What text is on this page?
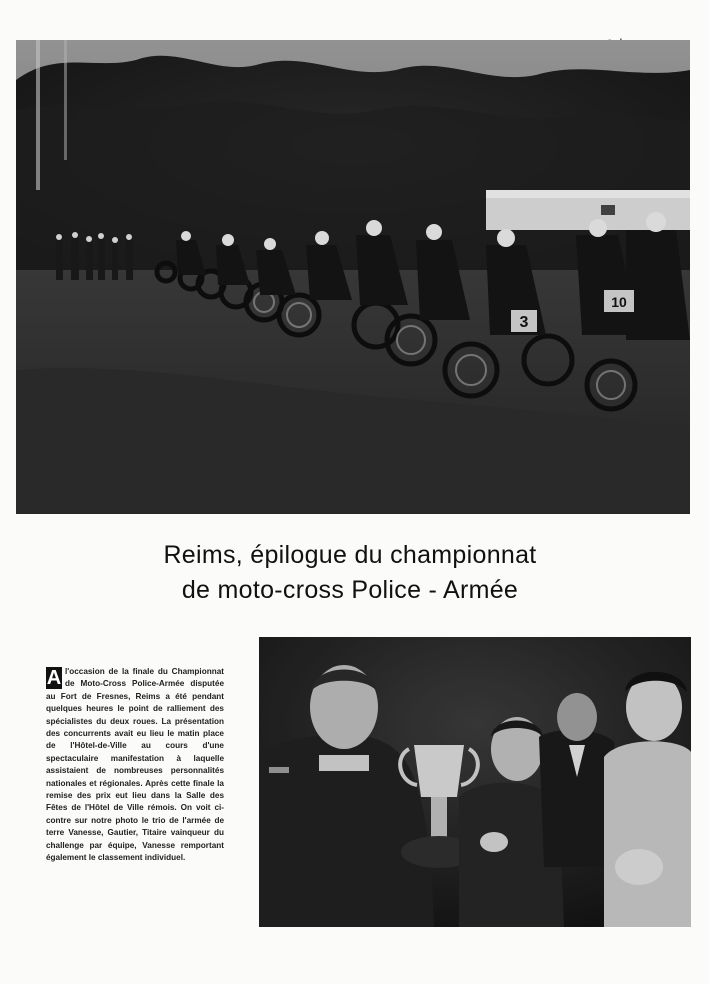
3
10
Reims, épilogue du championnat
de moto-cross Police - Armée
A l'occasion de la finale du Championnat de Moto-Cross Police-Armée disputée au Fort de Fresnes, Reims a été pendant quelques heures le point de ralliement des spécialistes du deux roues. La présentation des concurrents avait eu lieu le matin place de l'Hôtel-de-Ville au cours d'une spectaculaire manifestation à laquelle assistaient de nombreuses personnalités nationales et régionales. Après cette finale la remise des prix eut lieu dans la Salle des Fêtes de l'Hôtel de Ville rémois. On voit ci-contre sur notre photo le trio de l'armée de terre Vanesse, Gautier, Titaire vainqueur du challenge par équipe, Vanesse remportant également le classement individuel.
